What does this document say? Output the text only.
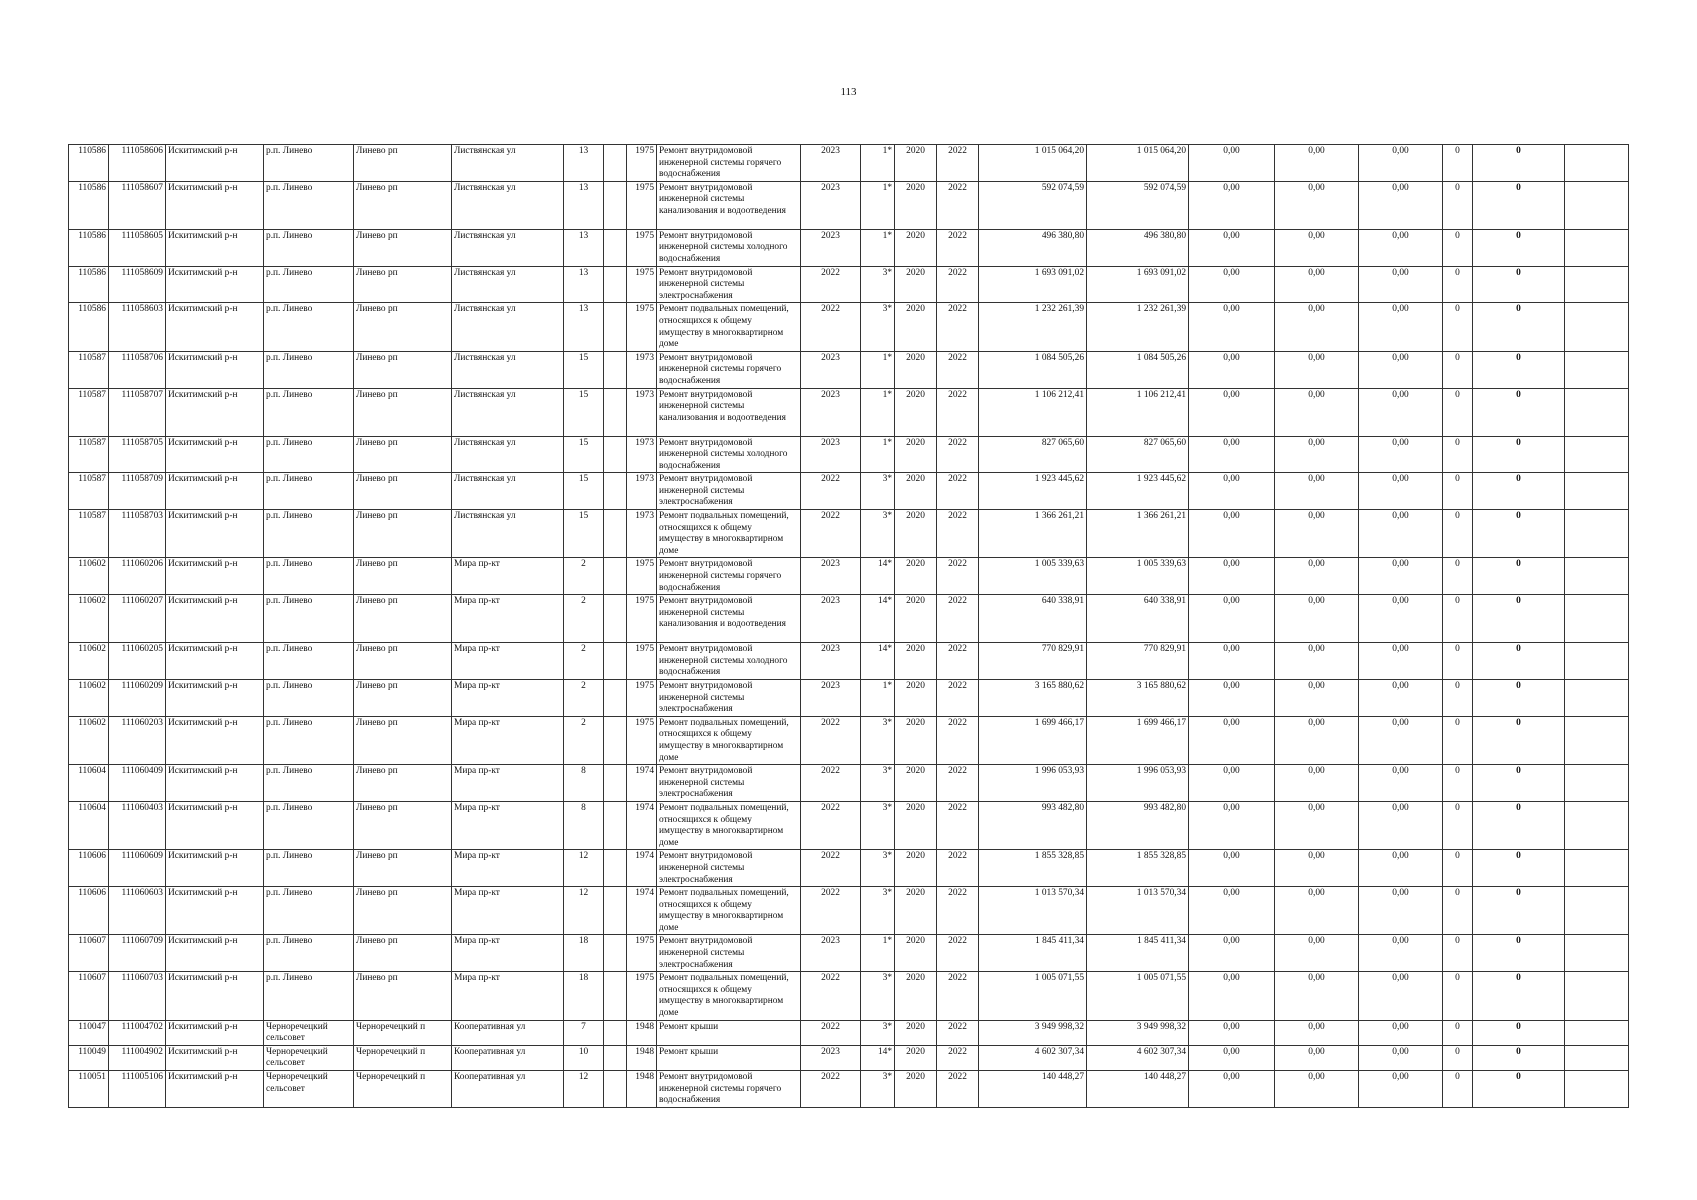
113
110586	111058606	Искитимский р-н	р.п. Линево	Линево рп	Листвянская ул	13		1975	Ремонт внутридомовой инженерной системы горячего водоснабжения	2023	1*	2020	2022	1 015 064,20	1 015 064,20	0,00	0,00	0,00	0	0	
110586	111058607	Искитимский р-н	р.п. Линево	Линево рп	Листвянская ул	13		1975	Ремонт внутридомовой инженерной системы канализования и водоотведения	2023	1*	2020	2022	592 074,59	592 074,59	0,00	0,00	0,00	0	0	
110586	111058605	Искитимский р-н	р.п. Линево	Линево рп	Листвянская ул	13		1975	Ремонт внутридомовой инженерной системы холодного водоснабжения	2023	1*	2020	2022	496 380,80	496 380,80	0,00	0,00	0,00	0	0	
110586	111058609	Искитимский р-н	р.п. Линево	Линево рп	Листвянская ул	13		1975	Ремонт внутридомовой инженерной системы электроснабжения	2022	3*	2020	2022	1 693 091,02	1 693 091,02	0,00	0,00	0,00	0	0	
110586	111058603	Искитимский р-н	р.п. Линево	Линево рп	Листвянская ул	13		1975	Ремонт подвальных помещений, относящихся к общему имуществу в многоквартирном доме	2022	3*	2020	2022	1 232 261,39	1 232 261,39	0,00	0,00	0,00	0	0	
110587	111058706	Искитимский р-н	р.п. Линево	Линево рп	Листвянская ул	15		1973	Ремонт внутридомовой инженерной системы горячего водоснабжения	2023	1*	2020	2022	1 084 505,26	1 084 505,26	0,00	0,00	0,00	0	0	
110587	111058707	Искитимский р-н	р.п. Линево	Линево рп	Листвянская ул	15		1973	Ремонт внутридомовой инженерной системы канализования и водоотведения	2023	1*	2020	2022	1 106 212,41	1 106 212,41	0,00	0,00	0,00	0	0	
110587	111058705	Искитимский р-н	р.п. Линево	Линево рп	Листвянская ул	15		1973	Ремонт внутридомовой инженерной системы холодного водоснабжения	2023	1*	2020	2022	827 065,60	827 065,60	0,00	0,00	0,00	0	0	
110587	111058709	Искитимский р-н	р.п. Линево	Линево рп	Листвянская ул	15		1973	Ремонт внутридомовой инженерной системы электроснабжения	2022	3*	2020	2022	1 923 445,62	1 923 445,62	0,00	0,00	0,00	0	0	
110587	111058703	Искитимский р-н	р.п. Линево	Линево рп	Листвянская ул	15		1973	Ремонт подвальных помещений, относящихся к общему имуществу в многоквартирном доме	2022	3*	2020	2022	1 366 261,21	1 366 261,21	0,00	0,00	0,00	0	0	
110602	111060206	Искитимский р-н	р.п. Линево	Линево рп	Мира пр-кт	2		1975	Ремонт внутридомовой инженерной системы горячего водоснабжения	2023	14*	2020	2022	1 005 339,63	1 005 339,63	0,00	0,00	0,00	0	0	
110602	111060207	Искитимский р-н	р.п. Линево	Линево рп	Мира пр-кт	2		1975	Ремонт внутридомовой инженерной системы канализования и водоотведения	2023	14*	2020	2022	640 338,91	640 338,91	0,00	0,00	0,00	0	0	
110602	111060205	Искитимский р-н	р.п. Линево	Линево рп	Мира пр-кт	2		1975	Ремонт внутридомовой инженерной системы холодного водоснабжения	2023	14*	2020	2022	770 829,91	770 829,91	0,00	0,00	0,00	0	0	
110602	111060209	Искитимский р-н	р.п. Линево	Линево рп	Мира пр-кт	2		1975	Ремонт внутридомовой инженерной системы электроснабжения	2023	1*	2020	2022	3 165 880,62	3 165 880,62	0,00	0,00	0,00	0	0	
110602	111060203	Искитимский р-н	р.п. Линево	Линево рп	Мира пр-кт	2		1975	Ремонт подвальных помещений, относящихся к общему имуществу в многоквартирном доме	2022	3*	2020	2022	1 699 466,17	1 699 466,17	0,00	0,00	0,00	0	0	
110604	111060409	Искитимский р-н	р.п. Линево	Линево рп	Мира пр-кт	8		1974	Ремонт внутридомовой инженерной системы электроснабжения	2022	3*	2020	2022	1 996 053,93	1 996 053,93	0,00	0,00	0,00	0	0	
110604	111060403	Искитимский р-н	р.п. Линево	Линево рп	Мира пр-кт	8		1974	Ремонт подвальных помещений, относящихся к общему имуществу в многоквартирном доме	2022	3*	2020	2022	993 482,80	993 482,80	0,00	0,00	0,00	0	0	
110606	111060609	Искитимский р-н	р.п. Линево	Линево рп	Мира пр-кт	12		1974	Ремонт внутридомовой инженерной системы электроснабжения	2022	3*	2020	2022	1 855 328,85	1 855 328,85	0,00	0,00	0,00	0	0	
110606	111060603	Искитимский р-н	р.п. Линево	Линево рп	Мира пр-кт	12		1974	Ремонт подвальных помещений, относящихся к общему имуществу в многоквартирном доме	2022	3*	2020	2022	1 013 570,34	1 013 570,34	0,00	0,00	0,00	0	0	
110607	111060709	Искитимский р-н	р.п. Линево	Линево рп	Мира пр-кт	18		1975	Ремонт внутридомовой инженерной системы электроснабжения	2023	1*	2020	2022	1 845 411,34	1 845 411,34	0,00	0,00	0,00	0	0	
110607	111060703	Искитимский р-н	р.п. Линево	Линево рп	Мира пр-кт	18		1975	Ремонт подвальных помещений, относящихся к общему имуществу в многоквартирном доме	2022	3*	2020	2022	1 005 071,55	1 005 071,55	0,00	0,00	0,00	0	0	
110047	111004702	Искитимский р-н	Черноречецкий сельсовет	Черноречецкий п	Кооперативная ул	7		1948	Ремонт крыши	2022	3*	2020	2022	3 949 998,32	3 949 998,32	0,00	0,00	0,00	0	0	
110049	111004902	Искитимский р-н	Черноречецкий сельсовет	Черноречецкий п	Кооперативная ул	10		1948	Ремонт крыши	2023	14*	2020	2022	4 602 307,34	4 602 307,34	0,00	0,00	0,00	0	0	
110051	111005106	Искитимский р-н	Черноречецкий сельсовет	Черноречецкий п	Кооперативная ул	12		1948	Ремонт внутридомовой инженерной системы горячего водоснабжения	2022	3*	2020	2022	140 448,27	140 448,27	0,00	0,00	0,00	0	0	
